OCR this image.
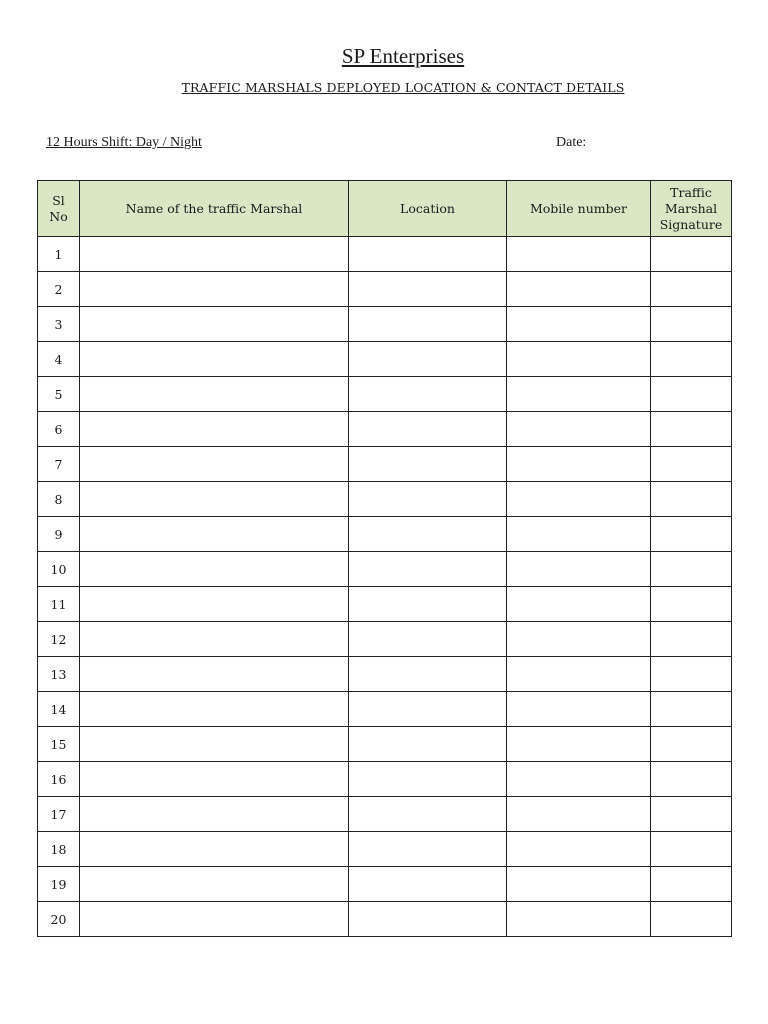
SP Enterprises
TRAFFIC MARSHALS DEPLOYED LOCATION & CONTACT DETAILS
12 Hours Shift: Day / Night	Date:
Sl No	Name of the traffic Marshal	Location	Mobile number	Traffic Marshal Signature
1				
2				
3				
4				
5				
6				
7				
8				
9				
10				
11				
12				
13				
14				
15				
16				
17				
18				
19				
20				
